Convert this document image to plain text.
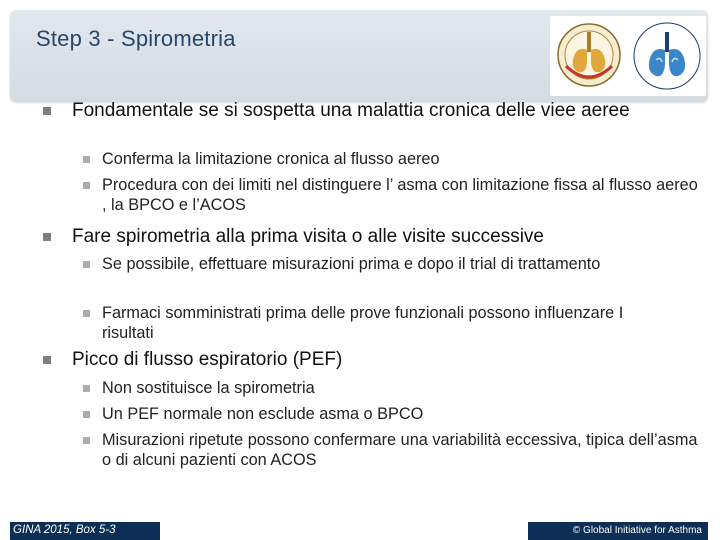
Step 3 - Spirometria
Fondamentale se si sospetta una malattia cronica delle viee aeree
Conferma la limitazione cronica al flusso aereo
Procedura con dei limiti nel distinguere l’ asma con limitazione fissa al flusso aereo , la BPCO e l’ACOS
Fare spirometria alla prima visita o alle visite successive
Se possibile, effettuare misurazioni prima e dopo il trial di trattamento
Farmaci somministrati prima delle prove funzionali possono influenzare I risultati
Picco di flusso espiratorio (PEF)
Non sostituisce la spirometria
Un PEF normale non esclude asma o BPCO
Misurazioni ripetute possono confermare una variabilità eccessiva, tipica dell’asma o di alcuni pazienti con ACOS
GINA 2015, Box 5-3	© Global Initiative for Asthma
